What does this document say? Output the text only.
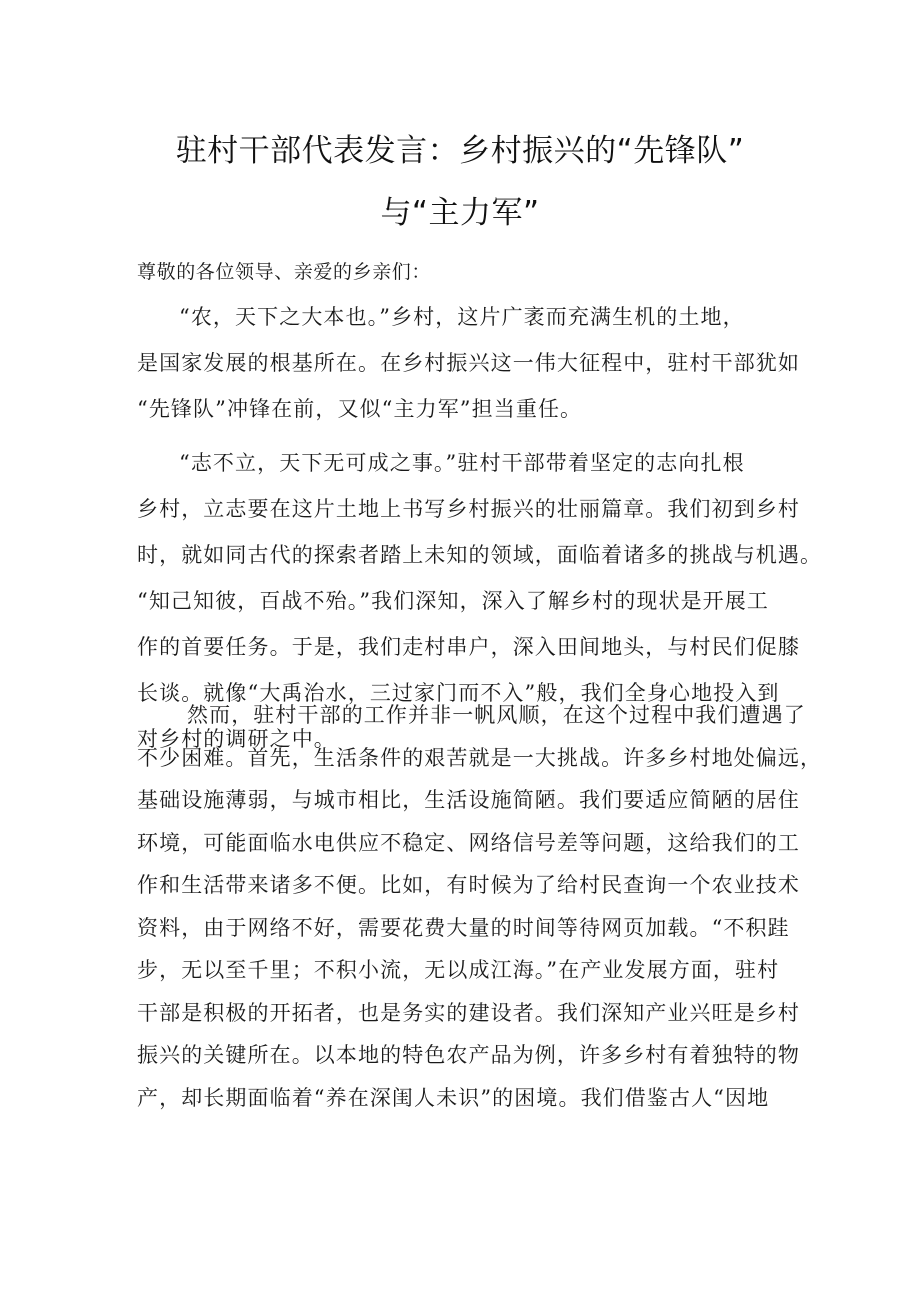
驻村干部代表发言：乡村振兴的“先锋队”
与“主力军”
尊敬的各位领导、亲爱的乡亲们：
“农，天下之大本也。”乡村，这片广袤而充满生机的土地，
是国家发展的根基所在。在乡村振兴这一伟大征程中，驻村干部犹如
“先锋队”冲锋在前，又似“主力军”担当重任。
“志不立，天下无可成之事。”驻村干部带着坚定的志向扎根
乡村，立志要在这片土地上书写乡村振兴的壮丽篇章。我们初到乡村
时，就如同古代的探索者踏上未知的领域，面临着诸多的挑战与机遇。
“知己知彼，百战不殆。”我们深知，深入了解乡村的现状是开展工
作的首要任务。于是，我们走村串户，深入田间地头，与村民们促膝
长谈。就像“大禹治水，三过家门而不入”般，我们全身心地投入到
对乡村的调研之中。
然而，驻村干部的工作并非一帆风顺，在这个过程中我们遭遇了
不少困难。首先，生活条件的艰苦就是一大挑战。许多乡村地处偏远，
基础设施薄弱，与城市相比，生活设施简陋。我们要适应简陋的居住
环境，可能面临水电供应不稳定、网络信号差等问题，这给我们的工
作和生活带来诸多不便。比如，有时候为了给村民查询一个农业技术
资料，由于网络不好，需要花费大量的时间等待网页加载。“不积跬
步，无以至千里；不积小流，无以成江海。”在产业发展方面，驻村
干部是积极的开拓者，也是务实的建设者。我们深知产业兴旺是乡村
振兴的关键所在。以本地的特色农产品为例，许多乡村有着独特的物
产，却长期面临着“养在深闺人未识”的困境。我们借鉴古人“因地
